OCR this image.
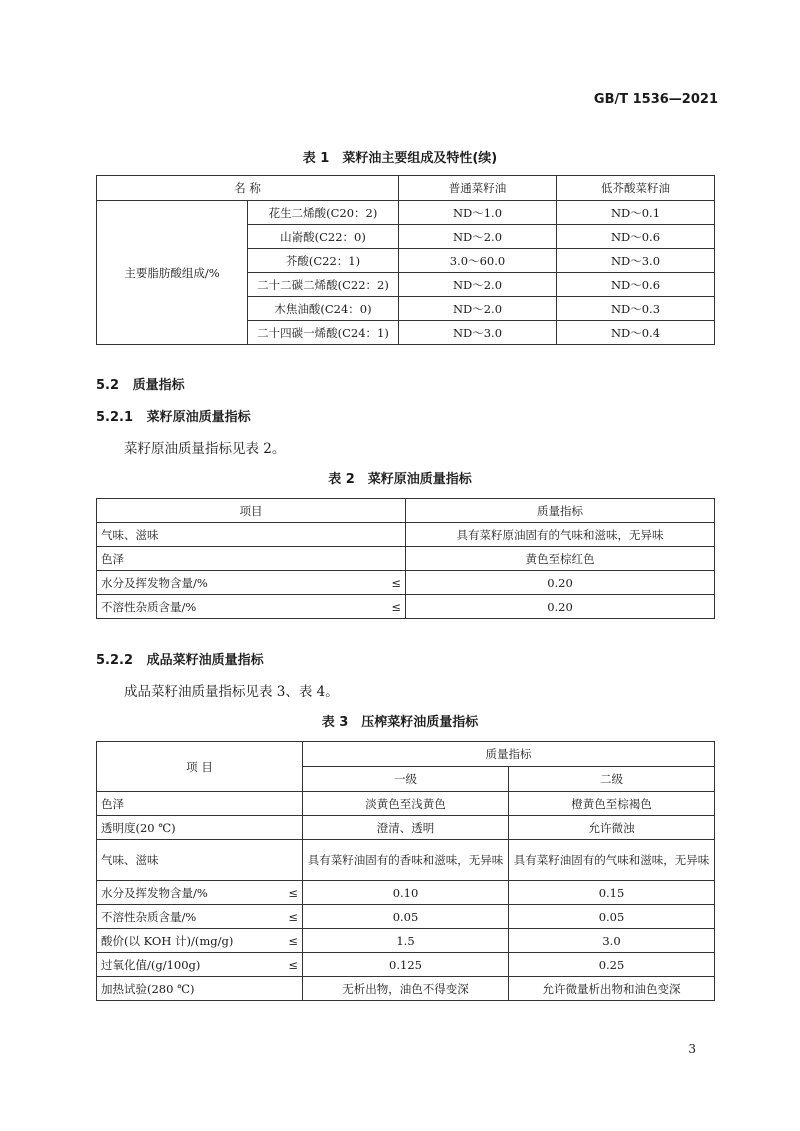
GB/T 1536—2021
表 1　菜籽油主要组成及特性(续)
名 称		普通菜籽油	低芥酸菜籽油
主要脂肪酸组成/%	花生二烯酸(C20：2)	ND～1.0	ND～0.1
	山嵛酸(C22：0)	ND～2.0	ND～0.6
	芥酸(C22：1)	3.0～60.0	ND～3.0
	二十二碳二烯酸(C22：2)	ND～2.0	ND～0.6
	木焦油酸(C24：0)	ND～2.0	ND～0.3
	二十四碳一烯酸(C24：1)	ND～3.0	ND～0.4
5.2 质量指标
5.2.1 菜籽原油质量指标
菜籽原油质量指标见表 2。
表 2　菜籽原油质量指标
项目	质量指标

气味、滋味	具有菜籽原油固有的气味和滋味，无异味

色泽	黄色至棕红色

水分及挥发物含量/% ≤	0.20

不溶性杂质含量/% ≤	0.20
5.2.2 成品菜籽油质量指标
成品菜籽油质量指标见表 3、表 4。
表 3　压榨菜籽油质量指标
项 目	质量指标	
	一级	二级

色泽	淡黄色至浅黄色	橙黄色至棕褐色

透明度(20 ℃)	澄清、透明	允许微浊

气味、滋味	具有菜籽油固有的香味和滋味，无异味	具有菜籽油固有的气味和滋味，无异味

水分及挥发物含量/% ≤	0.10	0.15

不溶性杂质含量/% ≤	0.05	0.05

酸价(以 KOH 计)/(mg/g) ≤	1.5	3.0

过氧化值/(g/100g) ≤	0.125	0.25

加热试验(280 ℃)	无析出物，油色不得变深	允许微量析出物和油色变深
3
